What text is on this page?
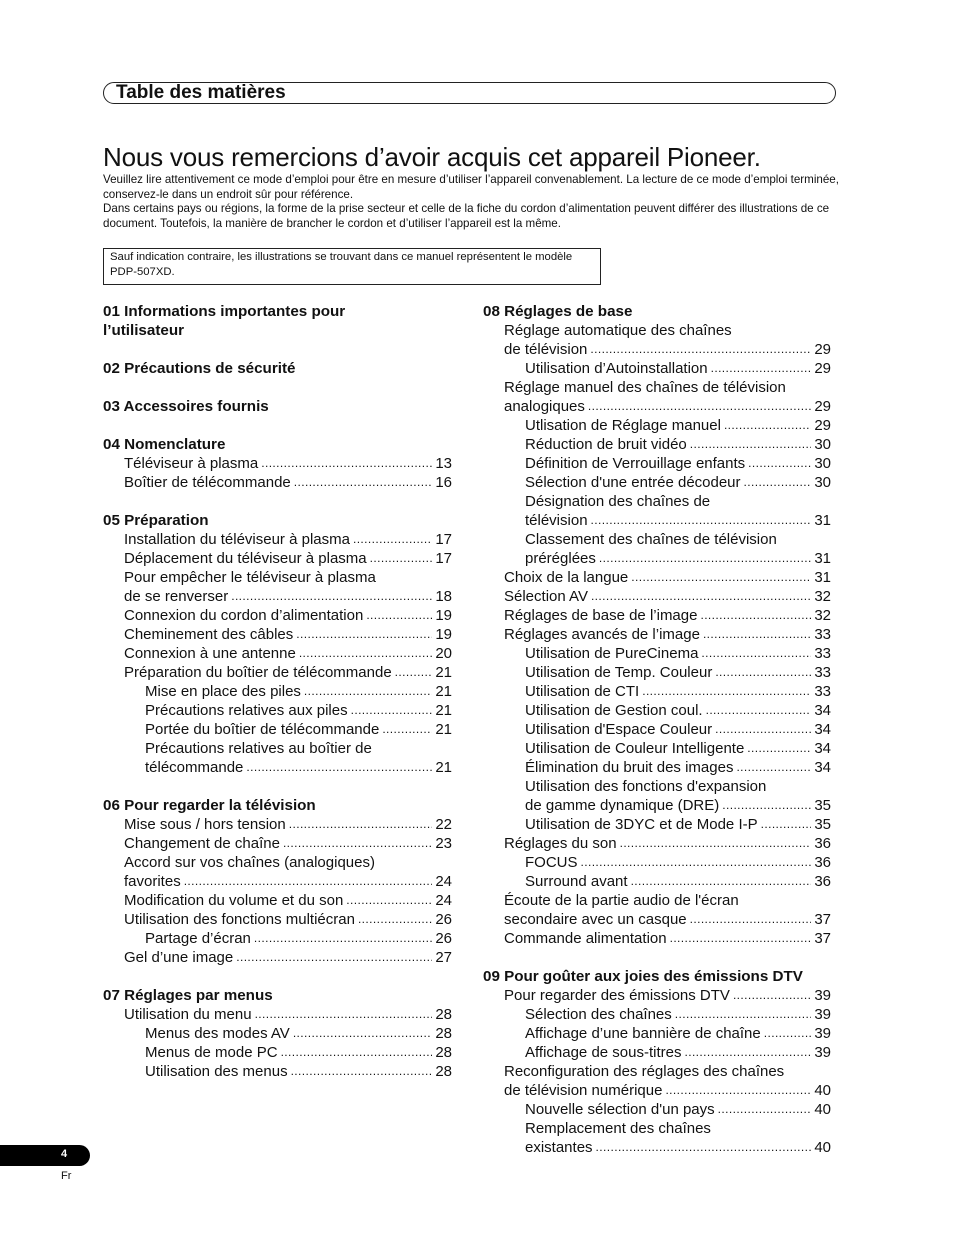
Table des matières
Nous vous remercions d’avoir acquis cet appareil Pioneer.

Veuillez lire attentivement ce mode d’emploi pour être en mesure d’utiliser l’appareil convenablement. La lecture de ce mode d’emploi terminée, conservez-le dans un endroit sûr pour référence.

Dans certains pays ou régions, la forme de la prise secteur et celle de la fiche du cordon d’alimentation peuvent différer des illustrations de ce document. Toutefois, la manière de brancher le cordon et d’utiliser l’appareil est la même.

Sauf indication contraire, les illustrations se trouvant dans ce manuel représentent le modèle PDP-507XD.
01 Informations importantes pour
l’utilisateur
02 Précautions de sécurité
03 Accessoires fournis
04 Nomenclature
Téléviseur à plasma .....	13
Boîtier de télécommande .....	16
05 Préparation
Installation du téléviseur à plasma .....	17
Déplacement du téléviseur à plasma .....	17
Pour empêcher le téléviseur à plasma
de se renverser .....	18
Connexion du cordon d’alimentation .....	19
Cheminement des câbles .....	19
Connexion à une antenne .....	20
Préparation du boîtier de télécommande .....	21
Mise en place des piles .....	21
Précautions relatives aux piles .....	21
Portée du boîtier de télécommande .....	21
Précautions relatives au boîtier de
télécommande .....	21
06 Pour regarder la télévision
Mise sous / hors tension .....	22
Changement de chaîne .....	23
Accord sur vos chaînes (analogiques)
favorites .....	24
Modification du volume et du son .....	24
Utilisation des fonctions multiécran .....	26
Partage d’écran .....	26
Gel d’une image .....	27
07 Réglages par menus
Utilisation du menu .....	28
Menus des modes AV .....	28
Menus de mode PC .....	28
Utilisation des menus .....	28
08 Réglages de base
Réglage automatique des chaînes
de télévision .....	29
Utilisation d’Autoinstallation .....	29
Réglage manuel des chaînes de télévision
analogiques .....	29
Utlisation de Réglage manuel .....	29
Réduction de bruit vidéo .....	30
Définition de Verrouillage enfants .....	30
Sélection d'une entrée décodeur .....	30
Désignation des chaînes de
télévision .....	31
Classement des chaînes de télévision
préréglées .....	31
Choix de la langue .....	31
Sélection AV .....	32
Réglages de base de l’image .....	32
Réglages avancés de l’image .....	33
Utilisation de PureCinema .....	33
Utilisation de Temp. Couleur .....	33
Utilisation de CTI .....	33
Utilisation de Gestion coul. .....	34
Utilisation d'Espace Couleur .....	34
Utilisation de Couleur Intelligente .....	34
Élimination du bruit des images .....	34
Utilisation des fonctions d'expansion
de gamme dynamique (DRE) .....	35
Utilisation de 3DYC et de Mode I-P .....	35
Réglages du son .....	36
FOCUS .....	36
Surround avant .....	36
Écoute de la partie audio de l'écran
secondaire avec un casque .....	37
Commande alimentation .....	37
09 Pour goûter aux joies des émissions DTV
Pour regarder des émissions DTV .....	39
Sélection des chaînes .....	39
Affichage d’une bannière de chaîne .....	39
Affichage de sous-titres .....	39
Reconfiguration des réglages des chaînes
de télévision numérique .....	40
Nouvelle sélection d'un pays .....	40
Remplacement des chaînes
existantes .....	40
4
Fr
